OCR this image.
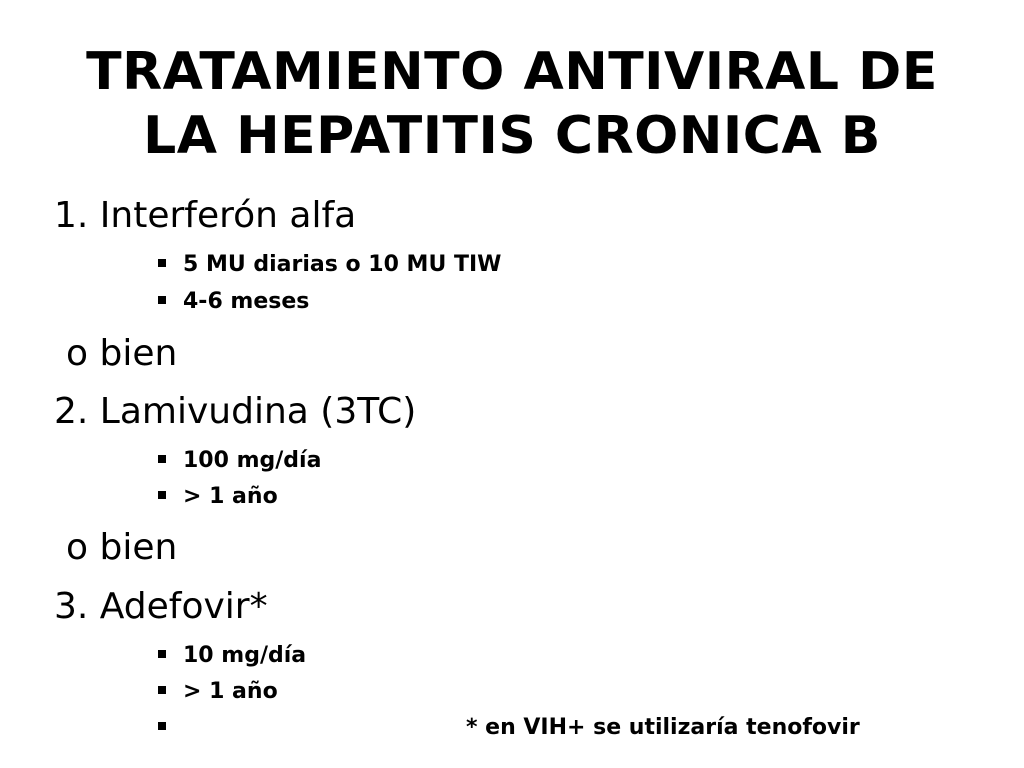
TRATAMIENTO ANTIVIRAL DE
LA HEPATITIS CRONICA B
1. Interferón alfa
5 MU diarias o 10 MU TIW
4-6 meses
o bien
2. Lamivudina (3TC)
100 mg/día
> 1 año
o bien
3. Adefovir*
10 mg/día
> 1 año
* en VIH+ se utilizaría tenofovir
